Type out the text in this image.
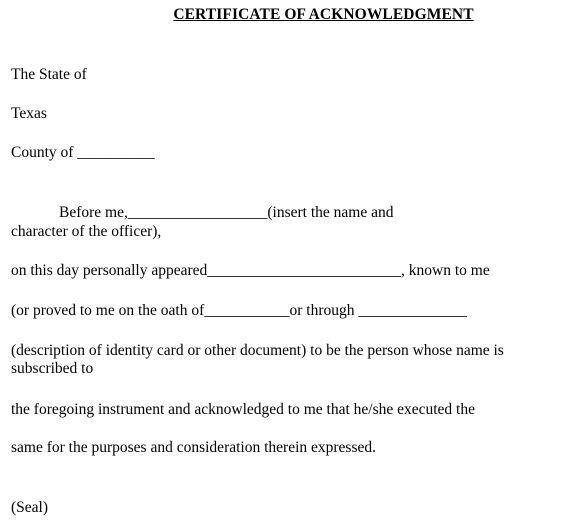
CERTIFICATE OF ACKNOWLEDGMENT
The State of
Texas
County of __________
Before me,__________________(insert the name and
character of the officer),
on this day personally appeared_________________________, known to me
(or proved to me on the oath of___________or through ______________
(description of identity card or other document) to be the person whose name is
subscribed to
the foregoing instrument and acknowledged to me that he/she executed the
same for the purposes and consideration therein expressed.
(Seal)
